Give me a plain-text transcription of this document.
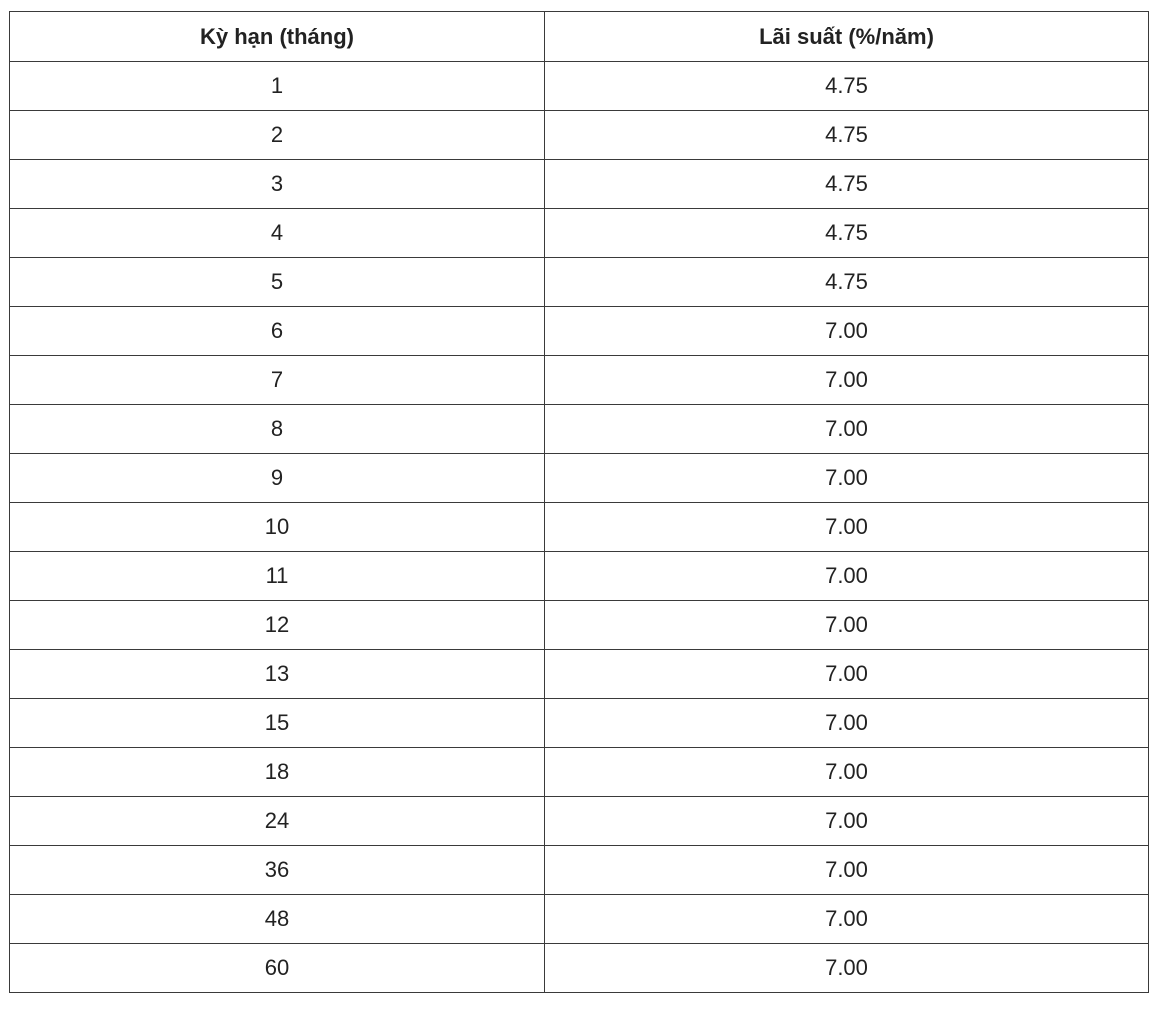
Kỳ hạn (tháng)	Lãi suất (%/năm)
1	4.75
2	4.75
3	4.75
4	4.75
5	4.75
6	7.00
7	7.00
8	7.00
9	7.00
10	7.00
11	7.00
12	7.00
13	7.00
15	7.00
18	7.00
24	7.00
36	7.00
48	7.00
60	7.00
